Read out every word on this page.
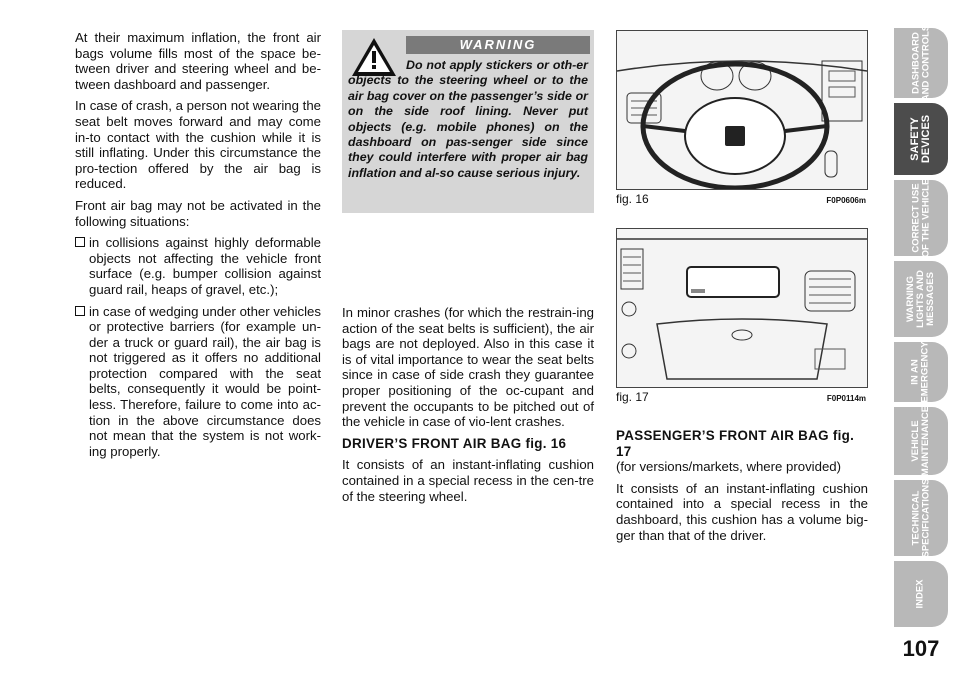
At their maximum inflation, the front air bags volume fills most of the space be-tween driver and steering wheel and be-tween dashboard and passenger.

In case of crash, a person not wearing the seat belt moves forward and may come in-to contact with the cushion while it is still inflating. Under this circumstance the pro-tection offered by the air bag is reduced.

Front air bag may not be activated in the following situations:

in collisions against highly deformable objects not affecting the vehicle front surface (e.g. bumper collision against guard rail, heaps of gravel, etc.);
in case of wedging under other vehicles or protective barriers (for example un-der a truck or guard rail), the air bag is not triggered as it offers no additional protection compared with the seat belts, consequently it would be point-less. Therefore, failure to come into ac-tion in the above circumstance does not mean that the system is not work-ing properly.
WARNING
Do not apply stickers or oth-er objects to the steering wheel or to the air bag cover on the passenger’s side or on the side roof lining. Never put objects (e.g. mobile phones) on the dashboard on pas-senger side since they could interfere with proper air bag inflation and al-so cause serious injury.

In minor crashes (for which the restrain-ing action of the seat belts is sufficient), the air bags are not deployed. Also in this case it is of vital importance to wear the seat belts since in case of side crash they guarantee proper positioning of the oc-cupant and prevent the occupants to be pitched out of the vehicle in case of vio-lent crashes.

DRIVER’S FRONT AIR BAG fig. 16

It consists of an instant-inflating cushion contained in a special recess in the cen-tre of the steering wheel.

fig. 16	F0P0606m
fig. 17	F0P0114m

PASSENGER’S FRONT AIR BAG fig. 17

(for versions/markets, where provided)

It consists of an instant-inflating cushion contained into a special recess in the dashboard, this cushion has a volume big-ger than that of the driver.

DASHBOARD
AND CONTROLS
SAFETY
DEVICES
CORRECT USE
OF THE VEHICLE
WARNING
LIGHTS AND
MESSAGES
IN AN
EMERGENCY
VEHICLE
MAINTENANCE
TECHNICAL
SPECIFICATIONS
INDEX
107
